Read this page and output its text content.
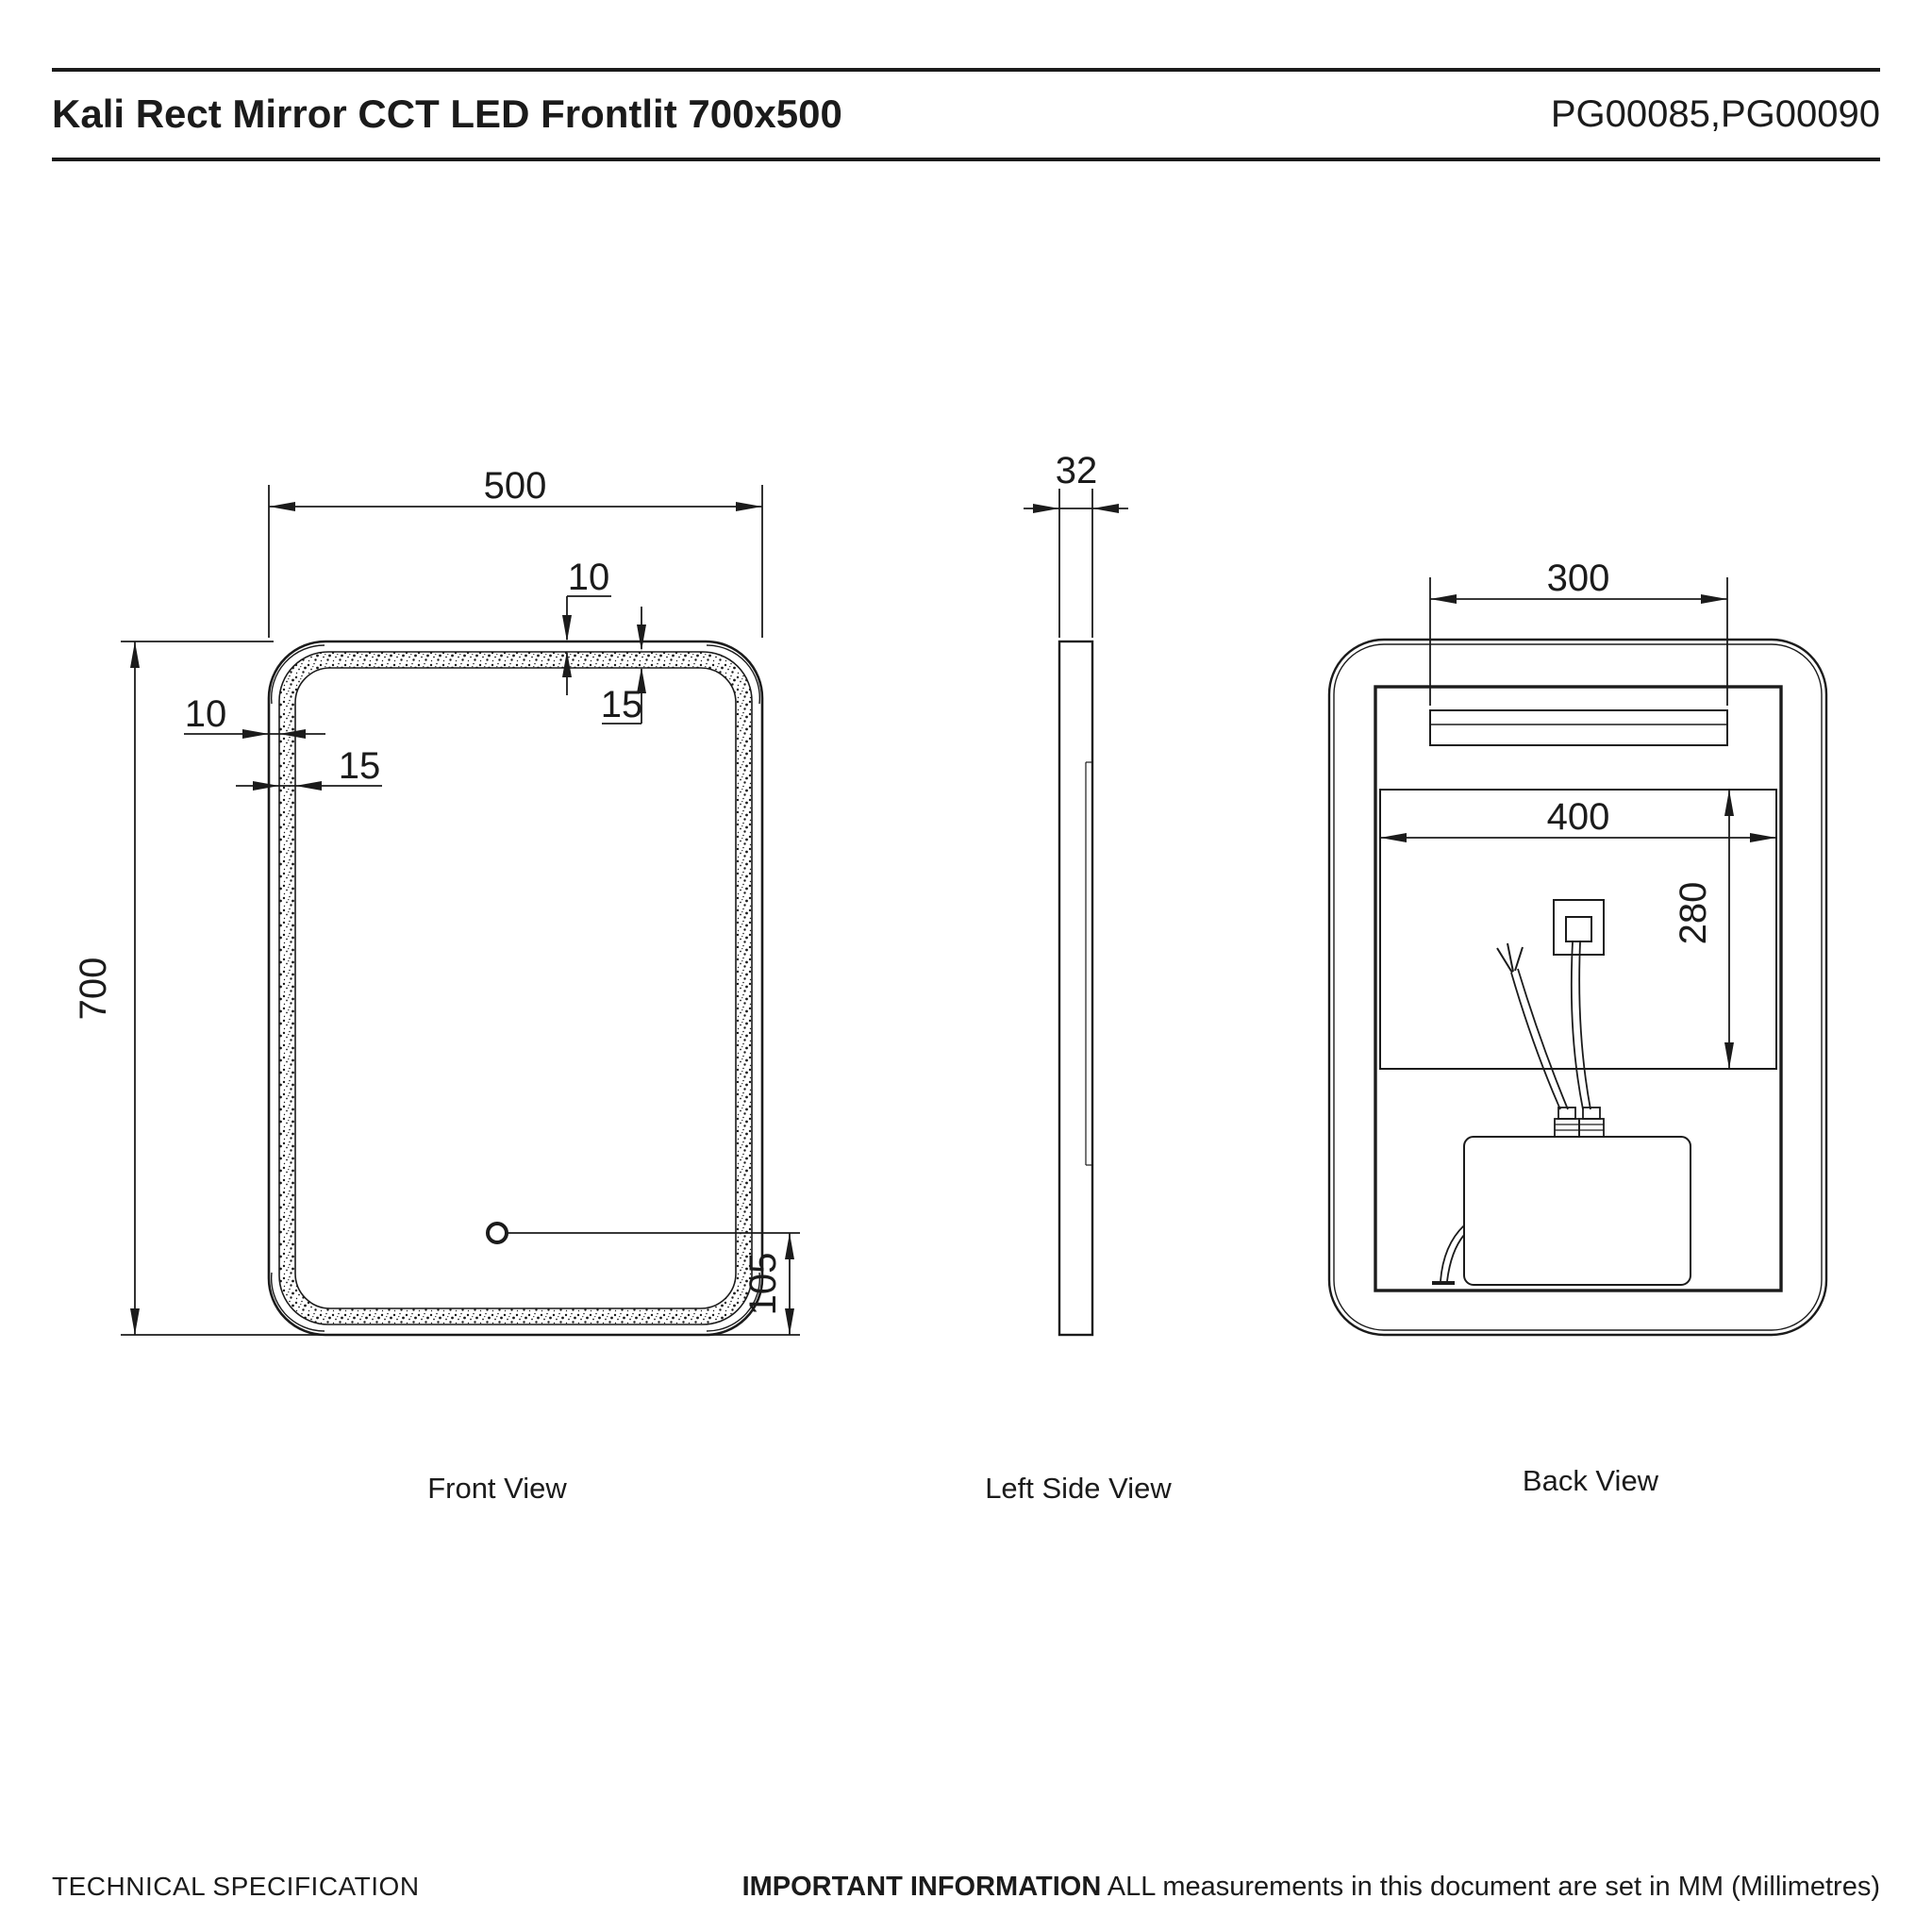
Kali Rect Mirror CCT LED Frontlit 700x500	PG00085,PG00090
500
700
10
15
10
15
105
Front View
32
Left Side View
300
400
280
Back View
TECHNICAL SPECIFICATION	IMPORTANT INFORMATION ALL measurements in this document are set in MM (Millimetres)
